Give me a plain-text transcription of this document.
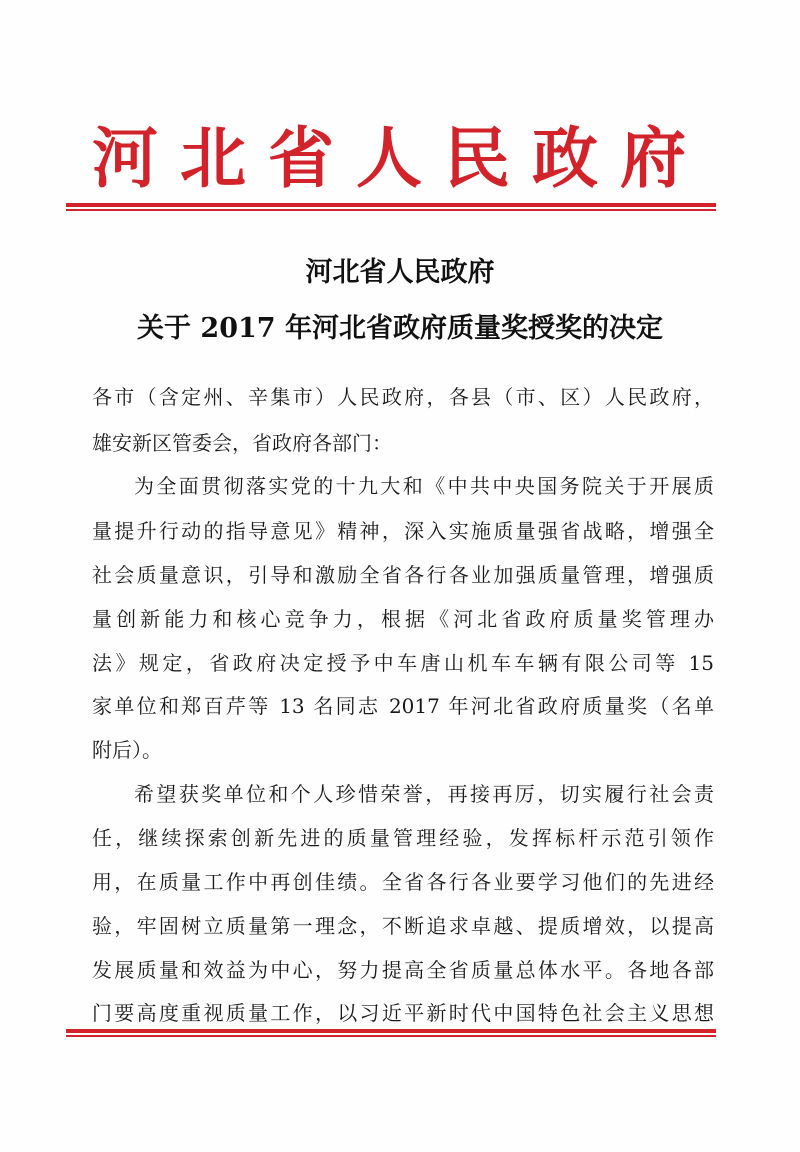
河北省人民政府
河北省人民政府
关于 2017 年河北省政府质量奖授奖的决定
各市（含定州、辛集市）人民政府，各县（市、区）人民政府，
雄安新区管委会，省政府各部门：
为全面贯彻落实党的十九大和《中共中央国务院关于开展质
量提升行动的指导意见》精神，深入实施质量强省战略，增强全
社会质量意识，引导和激励全省各行各业加强质量管理，增强质
量创新能力和核心竞争力，根据《河北省政府质量奖管理办
法》规定，省政府决定授予中车唐山机车车辆有限公司等 15
家单位和郑百芹等 13 名同志 2017 年河北省政府质量奖（名单
附后）。
希望获奖单位和个人珍惜荣誉，再接再厉，切实履行社会责
任，继续探索创新先进的质量管理经验，发挥标杆示范引领作
用，在质量工作中再创佳绩。全省各行各业要学习他们的先进经
验，牢固树立质量第一理念，不断追求卓越、提质增效，以提高
发展质量和效益为中心，努力提高全省质量总体水平。各地各部
门要高度重视质量工作，以习近平新时代中国特色社会主义思想
